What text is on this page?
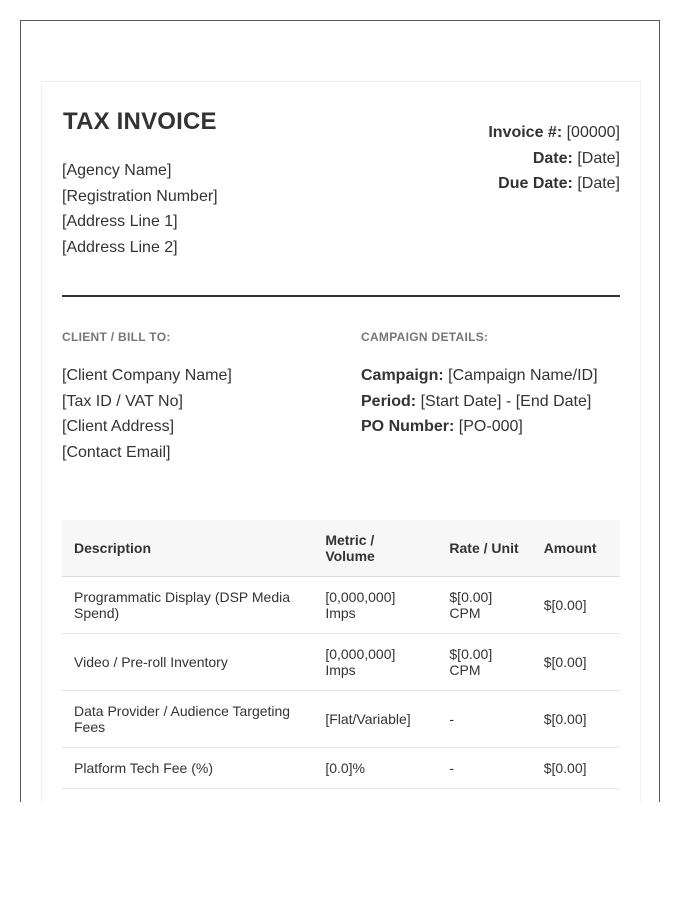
TAX INVOICE
[Agency Name]
[Registration Number]
[Address Line 1]
[Address Line 2]
Invoice #: [00000]
Date: [Date]
Due Date: [Date]
CLIENT / BILL TO:	CAMPAIGN DETAILS:
[Client Company Name]
[Tax ID / VAT No]
[Client Address]
[Contact Email]
Campaign: [Campaign Name/ID]
Period: [Start Date] - [End Date]
PO Number: [PO-000]
Description	Metric / Volume	Rate / Unit	Amount
Programmatic Display (DSP Media Spend)	[0,000,000] Imps	$[0.00] CPM	$[0.00]
Video / Pre-roll Inventory	[0,000,000] Imps	$[0.00] CPM	$[0.00]
Data Provider / Audience Targeting Fees	[Flat/Variable]	-	$[0.00]
Platform Tech Fee (%)	[0.0]%	-	$[0.00]
